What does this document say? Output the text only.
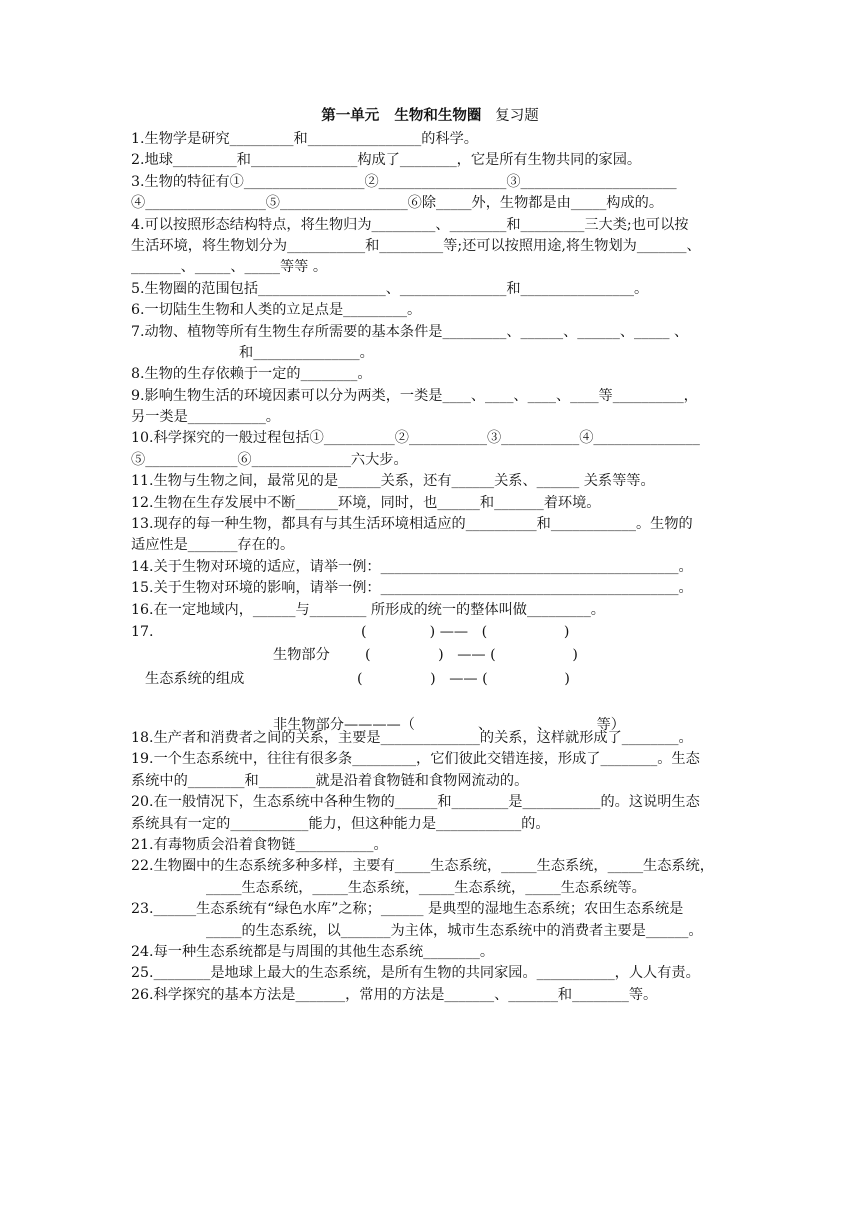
第一单元   生物和生物圈 复习题
1.生物学是研究_________和________________的科学。
2.地球_________和_______________构成了________，它是所有生物共同的家园。
3.生物的特征有①_________________②__________________③______________________
④_________________⑤__________________⑥除_____外，生物都是由_____构成的。
4.可以按照形态结构特点，将生物归为_________、________和_________三大类;也可以按
生活环境，将生物划分为___________和_________等;还可以按照用途,将生物划为_______、
_______、_____、_____等等 。
5.生物圈的范围包括__________________、_______________和________________。
6.一切陆生生物和人类的立足点是_________。
7.动物、植物等所有生物生存所需要的基本条件是_________、______、______、_____ 、
和_______________。
8.生物的生存依赖于一定的________。
9.影响生物生活的环境因素可以分为两类，一类是____、____、____、____等__________，
另一类是___________。
10.科学探究的一般过程包括①__________②___________③___________④_______________
⑤_____________⑥______________六大步。
11.生物与生物之间，最常见的是______关系，还有______关系、______ 关系等等。
12.生物在生存发展中不断______环境，同时，也______和_______着环境。
13.现存的每一种生物，都具有与其生活环境相适应的__________和____________。生物的
适应性是_______存在的。
14.关于生物对环境的适应，请举一例：__________________________________________。
15.关于生物对环境的影响，请举一例：__________________________________________。
16.在一定地域内，______与________ 所形成的统一的整体叫做_________。
17.	(              ) ——   (                 )
生物部分 (               )   —— (                 )
生态系统的组成	(               )   —— (                 )
非生物部分————（              、          、          等）
18.生产者和消费者之间的关系，主要是______________的关系，这样就形成了________。
19.一个生态系统中，往往有很多条_________，它们彼此交错连接，形成了________。生态
系统中的________和________就是沿着食物链和食物网流动的。
20.在一般情况下，生态系统中各种生物的______和________是___________的。这说明生态
系统具有一定的___________能力，但这种能力是____________的。
21.有毒物质会沿着食物链___________。
22.生物圈中的生态系统多种多样，主要有_____生态系统，_____生态系统，_____生态系统，
_____生态系统，_____生态系统，_____生态系统，_____生态系统等。
23.______生态系统有“绿色水库”之称；______ 是典型的湿地生态系统；农田生态系统是
_____的生态系统，以_______为主体，城市生态系统中的消费者主要是______。
24.每一种生态系统都是与周围的其他生态系统________。
25.________是地球上最大的生态系统，是所有生物的共同家园。___________，人人有责。
26.科学探究的基本方法是_______，常用的方法是_______、_______和________等。
